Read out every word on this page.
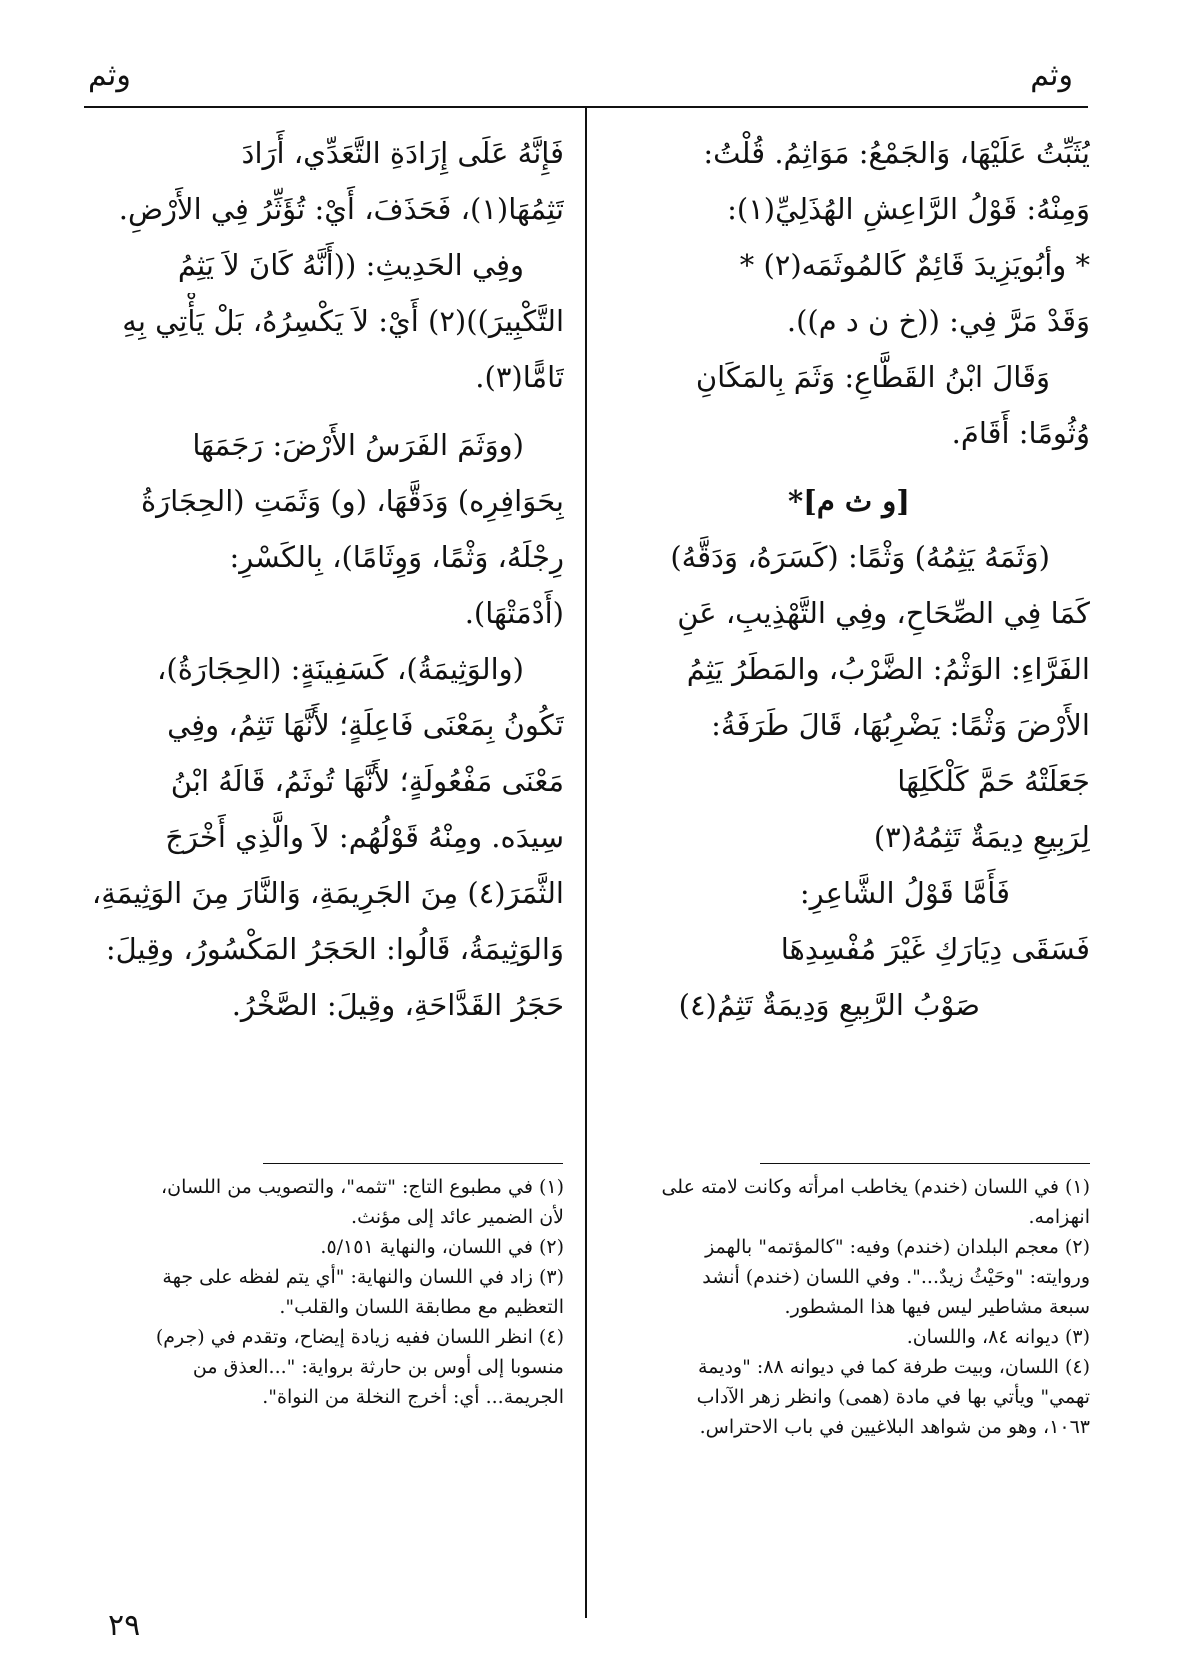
وثم
وثم
يُثَبِّتُ عَلَيْهَا، وَالجَمْعُ: مَوَاثِمُ. قُلْتُ:
وَمِنْهُ: قَوْلُ الرَّاعِشِ الهُذَلِيِّ(١):
* وأبُويَزِيدَ قَائِمٌ كَالمُوثَمَه(٢) *
وَقَدْ مَرَّ فِي: ((خ ن د م)).
وَقَالَ ابْنُ القَطَّاعِ: وَثَمَ بِالمَكَانِ
وُثُومًا: أَقَامَ.
[و ث م]*
(وَثَمَهُ يَثِمُهُ) وَثْمًا: (كَسَرَهُ، وَدَقَّهُ)
كَمَا فِي الصِّحَاحِ، وفِي التَّهْذِيبِ، عَنِ
الفَرَّاءِ: الوَثْمُ: الضَّرْبُ، والمَطَرُ يَثِمُ
الأَرْضَ وَثْمًا: يَضْرِبُهَا، قَالَ طَرَفَةُ:
جَعَلَتْهُ حَمَّ كَلْكَلِهَا
لِرَبِيعِ دِيمَةٌ تَثِمُهُ(٣)
فَأَمَّا قَوْلُ الشَّاعِرِ:
فَسَقَى دِيَارَكِ غَيْرَ مُفْسِدِهَا
صَوْبُ الرَّبِيعِ وَدِيمَةٌ تَثِمُ(٤)
فَإِنَّهُ عَلَى إِرَادَةِ التَّعَدِّي، أَرَادَ
تَثِمُهَا(١)، فَحَذَفَ، أَيْ: تُؤَثِّرُ فِي الأَرْضِ.
وفِي الحَدِيثِ: ((أَنَّهُ كَانَ لاَ يَثِمُ
التَّكْبِيرَ))(٢) أَيْ: لاَ يَكْسِرُهُ، بَلْ يَأْتِي بِهِ
تَامًّا(٣).
(ووَثَمَ الفَرَسُ الأَرْضَ: رَجَمَهَا
بِحَوَافِرِه) وَدَقَّهَا، (و) وَثَمَتِ (الحِجَارَةُ
رِجْلَهُ، وَثْمًا، وَوِثَامًا)، بِالكَسْرِ:
(أَدْمَتْهَا).
(والوَثِيمَةُ)، كَسَفِينَةٍ: (الحِجَارَةُ)،
تَكُونُ بِمَعْنَى فَاعِلَةٍ؛ لأَنَّهَا تَثِمُ، وفِي
مَعْنَى مَفْعُولَةٍ؛ لأَنَّهَا تُوثَمُ، قَالَهُ ابْنُ
سِيدَه. ومِنْهُ قَوْلُهُم: لاَ والَّذِي أَخْرَجَ
الثَّمَرَ(٤) مِنَ الجَرِيمَةِ، وَالنَّارَ مِنَ الوَثِيمَةِ،
وَالوَثِيمَةُ، قَالُوا: الحَجَرُ المَكْسُورُ، وقِيلَ:
حَجَرُ القَدَّاحَةِ، وقِيلَ: الصَّخْرُ.
(١) في اللسان (خندم) يخاطب امرأته وكانت لامته على
انهزامه.
(٢) معجم البلدان (خندم) وفيه: "كالمؤتمه" بالهمز
وروايته: "وحَيْثُ زيدٌ...". وفي اللسان (خندم) أنشد
سبعة مشاطير ليس فيها هذا المشطور.
(٣) ديوانه ٨٤، واللسان.
(٤) اللسان، وبيت طرفة كما في ديوانه ٨٨: "وديمة
تهمي" ويأتي بها في مادة (همى) وانظر زهر الآداب
١٠٦٣، وهو من شواهد البلاغيين في باب الاحتراس.
(١) في مطبوع التاج: "تثمه"، والتصويب من اللسان،
لأن الضمير عائد إلى مؤنث.
(٢) في اللسان، والنهاية ٥/١٥١.
(٣) زاد في اللسان والنهاية: "أي يتم لفظه على جهة
التعظيم مع مطابقة اللسان والقلب".
(٤) انظر اللسان ففيه زيادة إيضاح، وتقدم في (جرم)
منسوبا إلى أوس بن حارثة برواية: "...العذق من
الجريمة... أي: أخرج النخلة من النواة".
٢٩
